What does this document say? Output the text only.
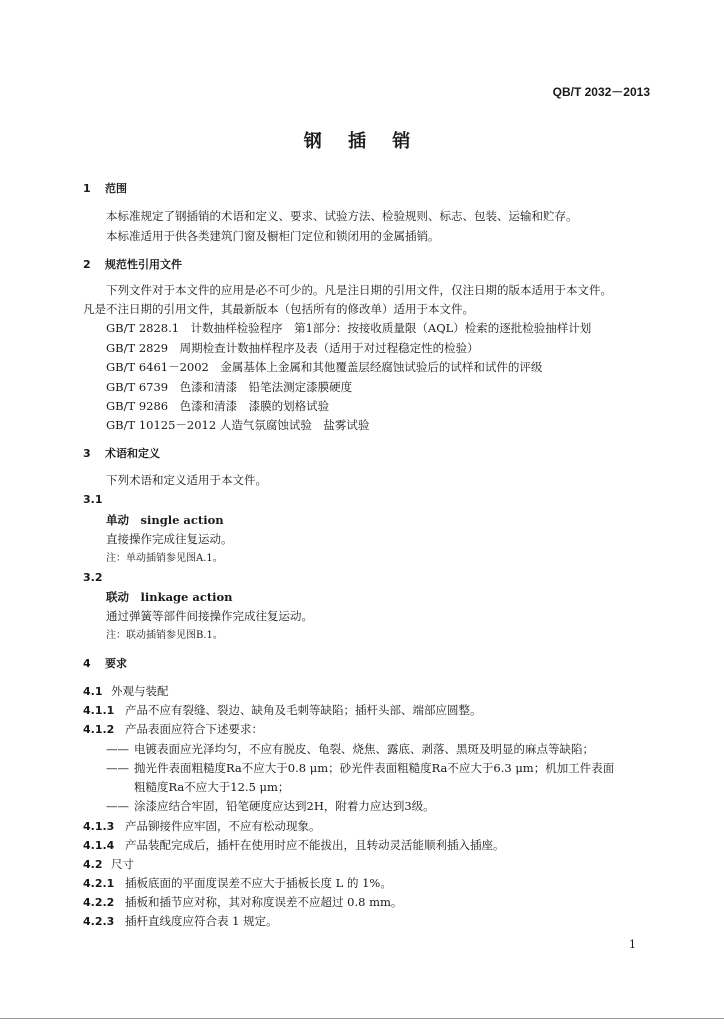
QB/T 2032－2013
钢 插 销
1 范围
本标准规定了钢插销的术语和定义、要求、试验方法、检验规则、标志、包装、运输和贮存。
本标准适用于供各类建筑门窗及橱柜门定位和锁闭用的金属插销。
2 规范性引用文件
下列文件对于本文件的应用是必不可少的。凡是注日期的引用文件，仅注日期的版本适用于本文件。
凡是不注日期的引用文件，其最新版本（包括所有的修改单）适用于本文件。
GB/T 2828.1　计数抽样检验程序　第1部分：按接收质量限（AQL）检索的逐批检验抽样计划
GB/T 2829　周期检查计数抽样程序及表（适用于对过程稳定性的检验）
GB/T 6461－2002　金属基体上金属和其他覆盖层经腐蚀试验后的试样和试件的评级
GB/T 6739　色漆和清漆　铅笔法测定漆膜硬度
GB/T 9286　色漆和清漆　漆膜的划格试验
GB/T 10125－2012 人造气氛腐蚀试验　盐雾试验
3 术语和定义
下列术语和定义适用于本文件。
3.1
单动　single action
直接操作完成往复运动。
注：单动插销参见图A.1。
3.2
联动　linkage action
通过弹簧等部件间接操作完成往复运动。
注：联动插销参见图B.1。
4 要求
4.1 外观与装配
4.1.1 产品不应有裂缝、裂边、缺角及毛刺等缺陷；插杆头部、端部应圆整。
4.1.2 产品表面应符合下述要求：
—— 电镀表面应光泽均匀，不应有脱皮、龟裂、烧焦、露底、剥落、黑斑及明显的麻点等缺陷；
—— 抛光件表面粗糙度Ra不应大于0.8 μm；砂光件表面粗糙度Ra不应大于6.3 μm；机加工件表面
粗糙度Ra不应大于12.5 μm；
—— 涂漆应结合牢固，铅笔硬度应达到2H，附着力应达到3级。
4.1.3 产品铆接件应牢固，不应有松动现象。
4.1.4 产品装配完成后，插杆在使用时应不能拔出，且转动灵活能顺利插入插座。
4.2 尺寸
4.2.1 插板底面的平面度误差不应大于插板长度 L 的 1%。
4.2.2 插板和插节应对称，其对称度误差不应超过 0.8 mm。
4.2.3 插杆直线度应符合表 1 规定。
1
